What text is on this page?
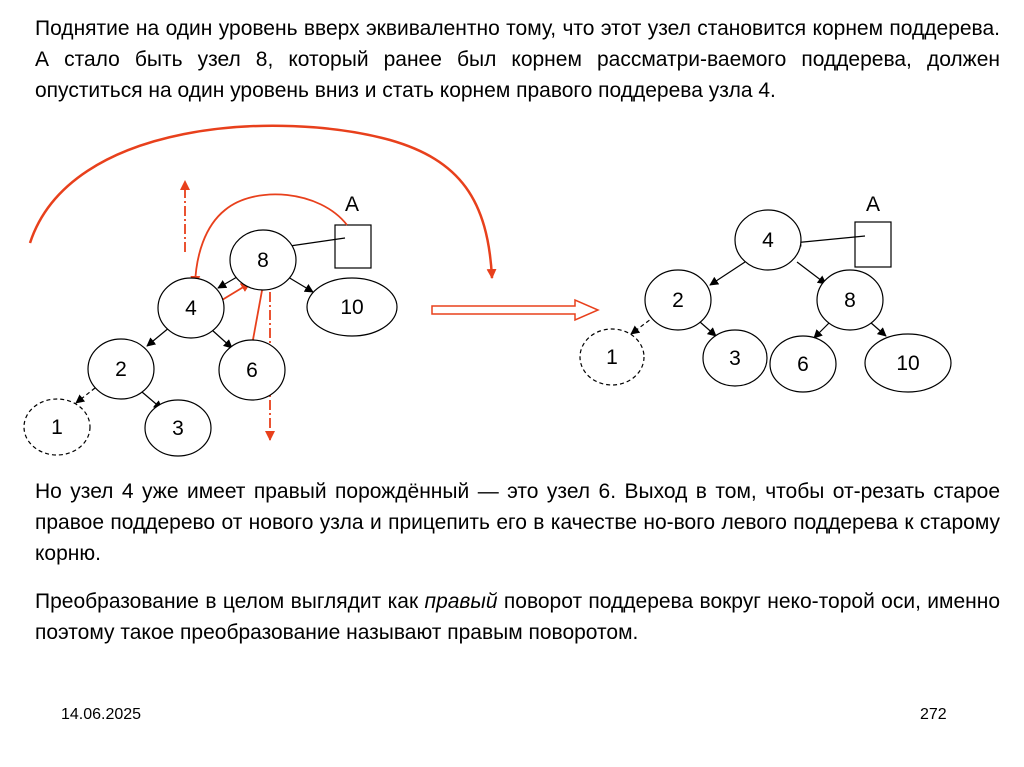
Поднятие на один уровень вверх эквивалентно тому, что этот узел становится корнем поддерева. А стало быть узел 8, который ранее был корнем рассматри-ваемого поддерева, должен опуститься на один уровень вниз и стать корнем правого поддерева узла 4.

A
8
4	10
2	6
1	3
A
4
2	8
1	3	6	10

Но узел 4 уже имеет правый порождённый — это узел 6. Выход в том, чтобы от-резать старое правое поддерево от нового узла и прицепить его в качестве но-вого левого поддерева к старому корню.

Преобразование в целом выглядит как правый поворот поддерева вокруг неко-торой оси, именно поэтому такое преобразование называют правым поворотом.

14.06.2025	272
